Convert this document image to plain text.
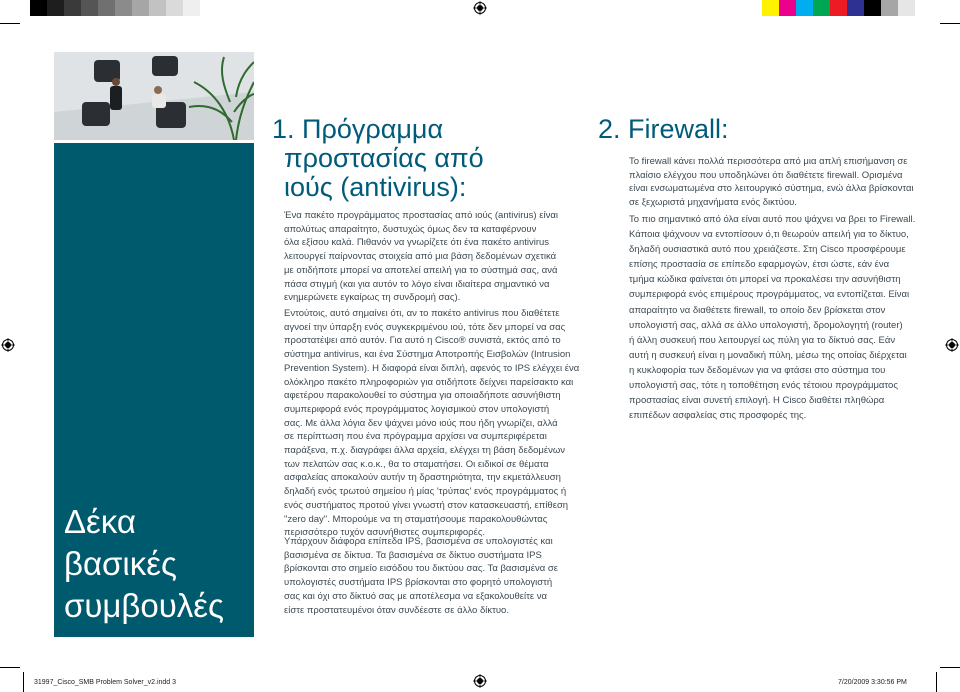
Δέκα
βασικές
συμβουλές
1. Πρόγραμμα
προστασίας από
ιούς (antivirus):
Ένα πακέτο προγράμματος προστασίας από ιούς (antivirus) είναι
απολύτως απαραίτητο, δυστυχώς όμως δεν τα καταφέρνουν
όλα εξίσου καλά. Πιθανόν να γνωρίζετε ότι ένα πακέτο antivirus
λειτουργεί παίρνοντας στοιχεία από μια βάση δεδομένων σχετικά
με οτιδήποτε μπορεί να αποτελεί απειλή για το σύστημά σας, ανά
πάσα στιγμή (και για αυτόν το λόγο είναι ιδιαίτερα σημαντικό να
ενημερώνετε εγκαίρως τη συνδρομή σας).
Εντούτοις, αυτό σημαίνει ότι, αν το πακέτο antivirus που διαθέτετε
αγνοεί την ύπαρξη ενός συγκεκριμένου ιού, τότε δεν μπορεί να σας
προστατέψει από αυτόν. Για αυτό η Cisco® συνιστά, εκτός από το
σύστημα antivirus, και ένα Σύστημα Αποτροπής Εισβολών (Intrusion
Prevention System). Η διαφορά είναι διπλή, αφενός το IPS ελέγχει ένα
ολόκληρο πακέτο πληροφοριών για οτιδήποτε δείχνει παρείσακτο και
αφετέρου παρακολουθεί το σύστημα για οποιαδήποτε ασυνήθιστη
συμπεριφορά ενός προγράμματος λογισμικού στον υπολογιστή
σας. Με άλλα λόγια δεν ψάχνει μόνο ιούς που ήδη γνωρίζει, αλλά
σε περίπτωση που ένα πρόγραμμα αρχίσει να συμπεριφέρεται
παράξενα, π.χ. διαγράφει άλλα αρχεία, ελέγχει τη βάση δεδομένων
των πελατών σας κ.ο.κ., θα το σταματήσει. Οι ειδικοί σε θέματα
ασφαλείας αποκαλούν αυτήν τη δραστηριότητα, την εκμετάλλευση
δηλαδή ενός τρωτού σημείου ή μίας 'τρύπας' ενός προγράμματος ή
ενός συστήματος προτού γίνει γνωστή στον κατασκευαστή, επίθεση
"zero day". Μπορούμε να τη σταματήσουμε παρακολουθώντας
περισσότερο τυχόν ασυνήθιστες συμπεριφορές.
Υπάρχουν διάφορα επίπεδα IPS, βασισμένα σε υπολογιστές και
βασισμένα σε δίκτυα. Τα βασισμένα σε δίκτυο συστήματα IPS
βρίσκονται στο σημείο εισόδου του δικτύου σας. Τα βασισμένα σε
υπολογιστές συστήματα IPS βρίσκονται στο φορητό υπολογιστή
σας και όχι στο δίκτυό σας με αποτέλεσμα να εξακολουθείτε να
είστε προστατευμένοι όταν συνδέεστε σε άλλο δίκτυο.
2. Firewall:
Το firewall κάνει πολλά περισσότερα από μια απλή επισήμανση σε
πλαίσιο ελέγχου που υποδηλώνει ότι διαθέτετε firewall. Ορισμένα
είναι ενσωματωμένα στο λειτουργικό σύστημα, ενώ άλλα βρίσκονται
σε ξεχωριστά μηχανήματα ενός δικτύου.
Το πιο σημαντικό από όλα είναι αυτό που ψάχνει να βρει το Firewall.
Κάποια ψάχνουν να εντοπίσουν ό,τι θεωρούν απειλή για το δίκτυο,
δηλαδή ουσιαστικά αυτό που χρειάζεστε. Στη Cisco προσφέρουμε
επίσης προστασία σε επίπεδο εφαρμογών, έτσι ώστε, εάν ένα
τμήμα κώδικα φαίνεται ότι μπορεί να προκαλέσει την ασυνήθιστη
συμπεριφορά ενός επιμέρους προγράμματος, να εντοπίζεται. Είναι
απαραίτητο να διαθέτετε firewall, το οποίο δεν βρίσκεται στον
υπολογιστή σας, αλλά σε άλλο υπολογιστή, δρομολογητή (router)
ή άλλη συσκευή που λειτουργεί ως πύλη για το δίκτυό σας. Εάν
αυτή η συσκευή είναι η μοναδική πύλη, μέσω της οποίας διέρχεται
η κυκλοφορία των δεδομένων για να φτάσει στο σύστημα του
υπολογιστή σας, τότε η τοποθέτηση ενός τέτοιου προγράμματος
προστασίας είναι συνετή επιλογή. Η Cisco διαθέτει πληθώρα
επιπέδων ασφαλείας στις προσφορές της.
31997_Cisco_SMB Problem Solver_v2.indd 3	7/20/2009 3:30:56 PM
